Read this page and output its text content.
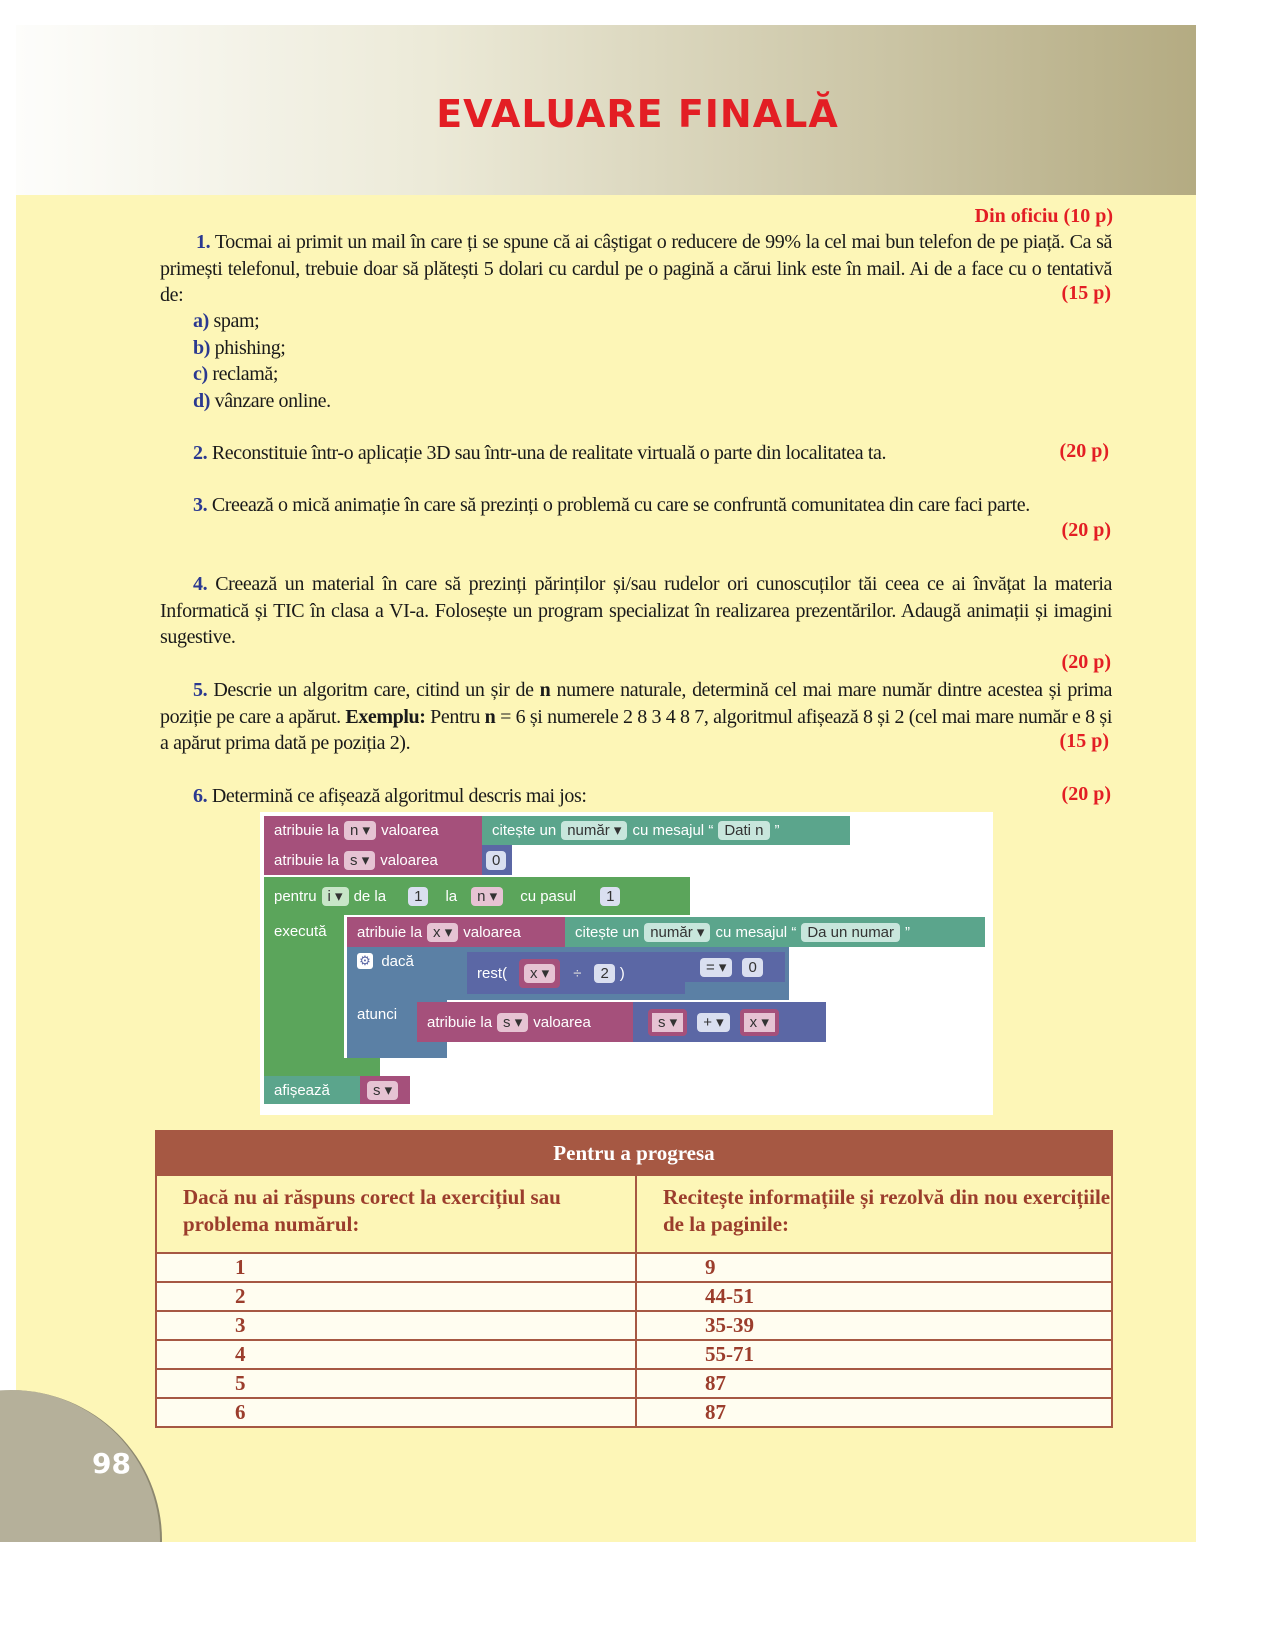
EVALUARE FINALĂ
Din oficiu (10 p)
1. Tocmai ai primit un mail în care ți se spune că ai câștigat o reducere de 99% la cel mai bun telefon de pe piață. Ca să primești telefonul, trebuie doar să plătești 5 dolari cu cardul pe o pagină a cărui link este în mail. Ai de a face cu o tentativă de:	(15 p)
a) spam;
b) phishing;
c) reclamă;
d) vânzare online.
2. Reconstituie într-o aplicație 3D sau într-una de realitate virtuală o parte din localitatea ta.	(20 p)
3. Creează o mică animație în care să prezinți o problemă cu care se confruntă comunitatea din care faci parte.
(20 p)
4. Creează un material în care să prezinți părinților și/sau rudelor ori cunoscuților tăi ceea ce ai învățat la materia Informatică și TIC în clasa a VI-a. Folosește un program specializat în realizarea prezentărilor. Adaugă animații și imagini sugestive.
(20 p)
5. Descrie un algoritm care, citind un șir de n numere naturale, determină cel mai mare număr dintre acestea și prima poziție pe care a apărut. Exemplu: Pentru n = 6 și numerele 2 8 3 4 8 7, algoritmul afișează 8 și 2 (cel mai mare număr e 8 și a apărut prima dată pe poziția 2).	(15 p)
6. Determină ce afișează algoritmul descris mai jos:	(20 p)
pentru i ▾ de la	1	la	n ▾	cu pasul	1
execută
atribuie la n ▾ valoarea	citește un număr ▾ cu mesajul
“ Dati n ”
atribuie la s ▾ valoarea	0
atribuie la x ▾ valoarea	citește un număr ▾ cu mesajul
“ Da un numar ”
⚙
dacă
rest(	x ▾	÷	2 )	= ▾	0
atunci atribuie la s ▾ valoarea	s ▾	+ ▾	x ▾
afișează	s ▾
Pentru a progresa	
Dacă nu ai răspuns corect la exercițiul sau problema numărul:	Recitește informațiile și rezolvă din nou exercițiile de la paginile:
1	9
2	44-51
3	35-39
4	55-71
5	87
6	87
98
